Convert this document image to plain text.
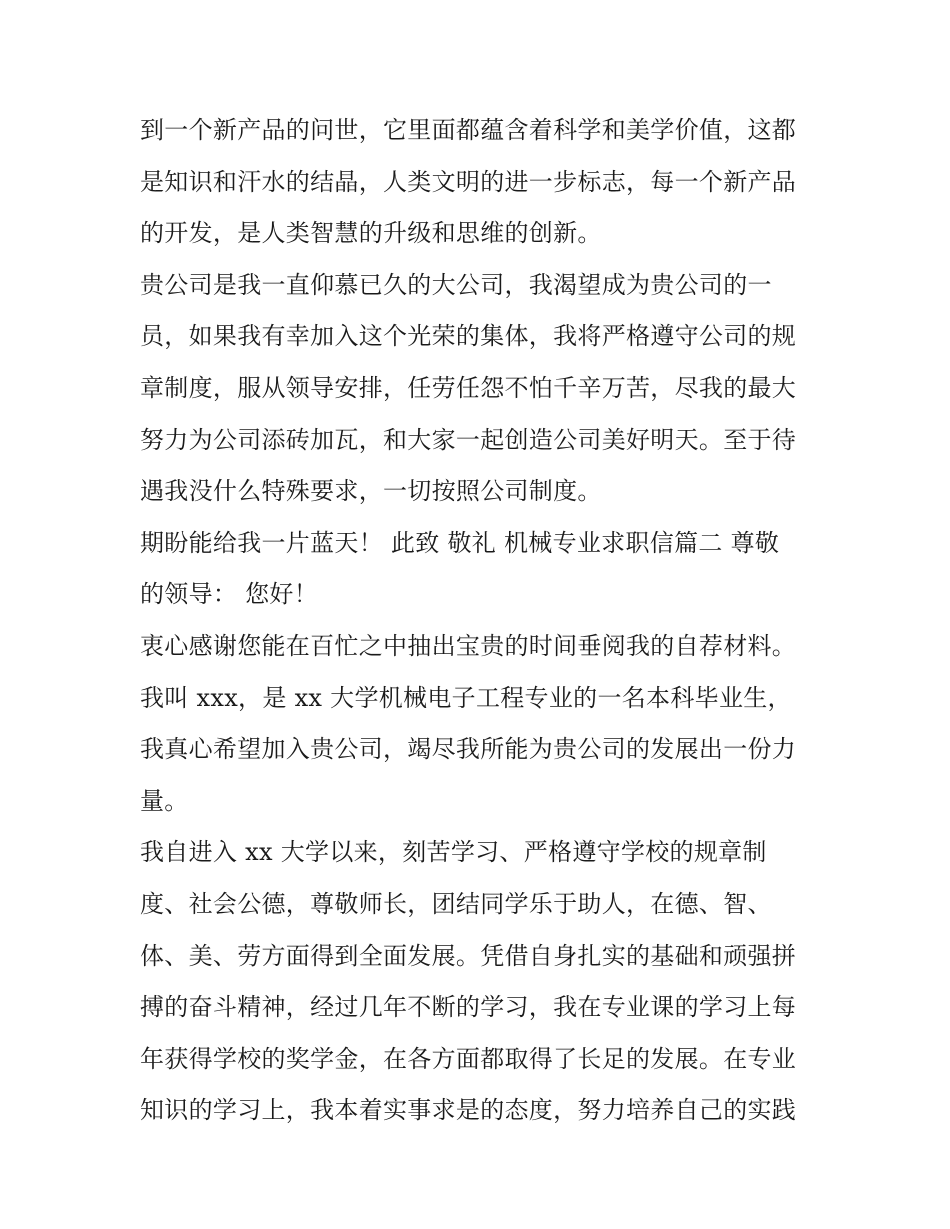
到一个新产品的问世，它里面都蕴含着科学和美学价值，这都
是知识和汗水的结晶，人类文明的进一步标志，每一个新产品
的开发，是人类智慧的升级和思维的创新。
贵公司是我一直仰慕已久的大公司，我渴望成为贵公司的一
员，如果我有幸加入这个光荣的集体，我将严格遵守公司的规
章制度，服从领导安排，任劳任怨不怕千辛万苦，尽我的最大
努力为公司添砖加瓦，和大家一起创造公司美好明天。至于待
遇我没什么特殊要求，一切按照公司制度。
期盼能给我一片蓝天！ 此致 敬礼 机械专业求职信篇二 尊敬
的领导： 您好！
衷心感谢您能在百忙之中抽出宝贵的时间垂阅我的自荐材料。
我叫 xxx，是 xx 大学机械电子工程专业的一名本科毕业生，
我真心希望加入贵公司，竭尽我所能为贵公司的发展出一份力
量。
我自进入 xx 大学以来，刻苦学习、严格遵守学校的规章制
度、社会公德，尊敬师长，团结同学乐于助人，在德、智、
体、美、劳方面得到全面发展。凭借自身扎实的基础和顽强拼
搏的奋斗精神，经过几年不断的学习，我在专业课的学习上每
年获得学校的奖学金，在各方面都取得了长足的发展。在专业
知识的学习上，我本着实事求是的态度，努力培养自己的实践
